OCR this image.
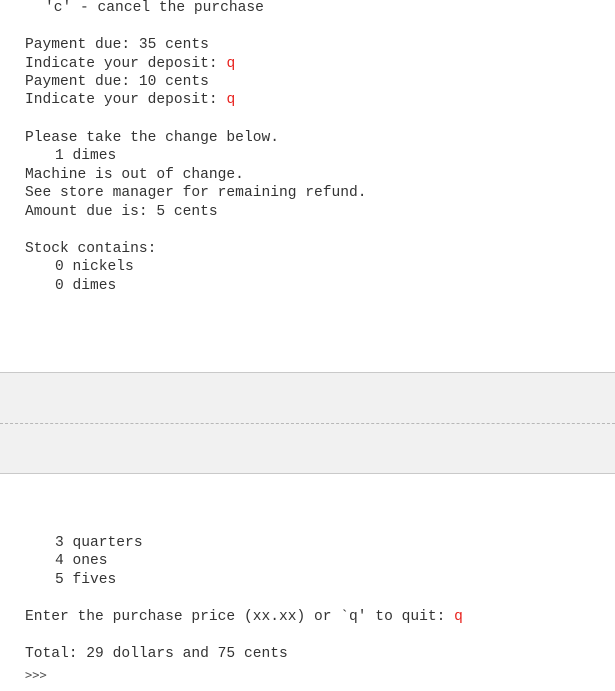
'c' - cancel the purchase
Payment due: 35 cents
Indicate your deposit: q
Payment due: 10 cents
Indicate your deposit: q
Please take the change below.
1 dimes
Machine is out of change.
See store manager for remaining refund.
Amount due is: 5 cents
Stock contains:
0 nickels
0 dimes
3 quarters
4 ones
5 fives
Enter the purchase price (xx.xx) or `q' to quit: q
Total: 29 dollars and 75 cents
>>>
